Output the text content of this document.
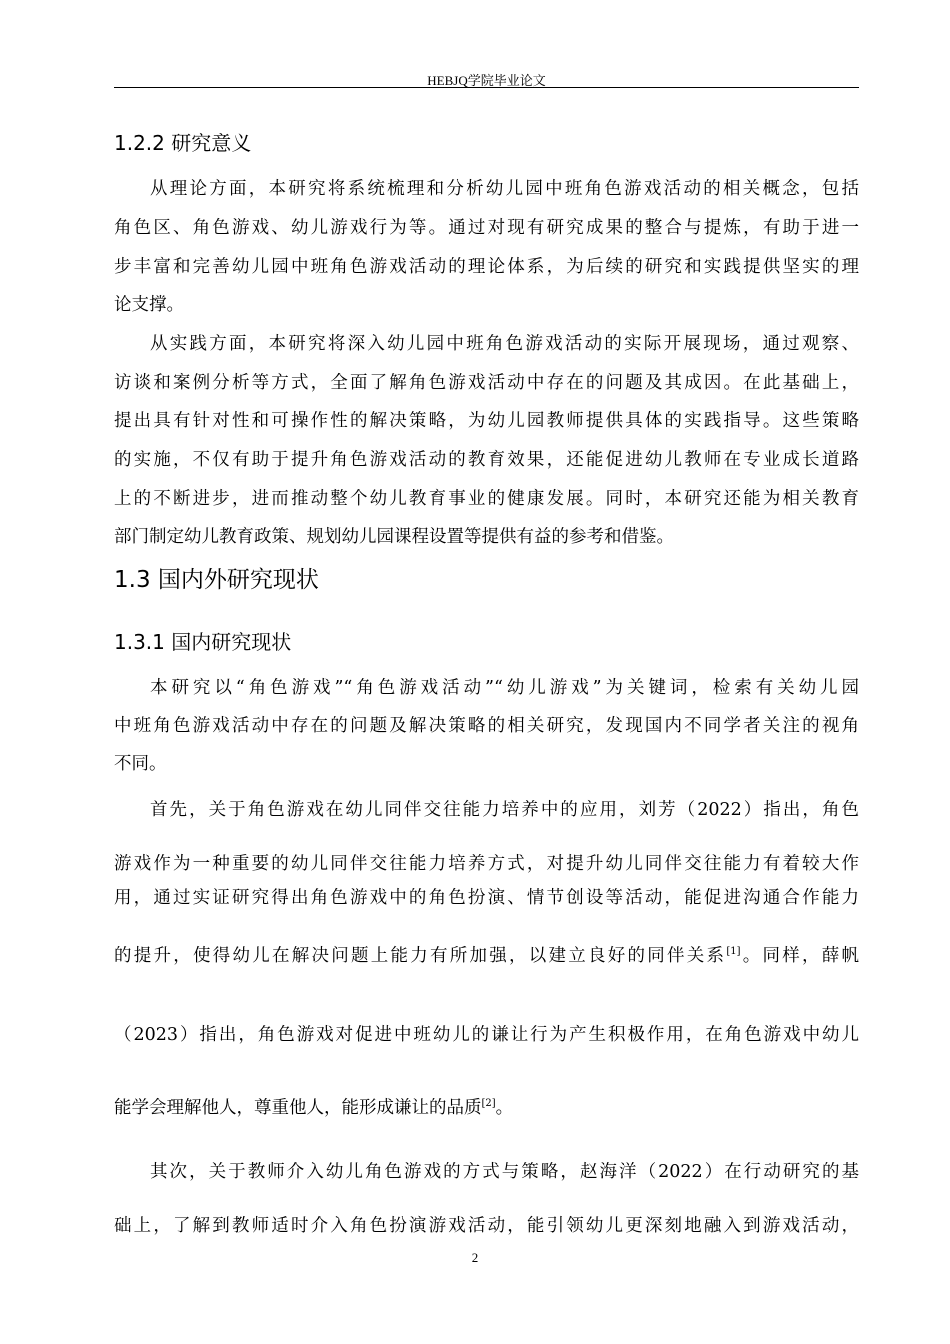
HEBJQ学院毕业论文
1.2.2 研究意义
从理论方面，本研究将系统梳理和分析幼儿园中班角色游戏活动的相关概念，包括
角色区、角色游戏、幼儿游戏行为等。通过对现有研究成果的整合与提炼，有助于进一
步丰富和完善幼儿园中班角色游戏活动的理论体系，为后续的研究和实践提供坚实的理
论支撑。
从实践方面，本研究将深入幼儿园中班角色游戏活动的实际开展现场，通过观察、
访谈和案例分析等方式，全面了解角色游戏活动中存在的问题及其成因。在此基础上，
提出具有针对性和可操作性的解决策略，为幼儿园教师提供具体的实践指导。这些策略
的实施，不仅有助于提升角色游戏活动的教育效果，还能促进幼儿教师在专业成长道路
上的不断进步，进而推动整个幼儿教育事业的健康发展。同时，本研究还能为相关教育
部门制定幼儿教育政策、规划幼儿园课程设置等提供有益的参考和借鉴。
1.3 国内外研究现状
1.3.1 国内研究现状
本研究以“角色游戏”“角色游戏活动”“幼儿游戏”为关键词，检索有关幼儿园
中班角色游戏活动中存在的问题及解决策略的相关研究，发现国内不同学者关注的视角
不同。
首先，关于角色游戏在幼儿同伴交往能力培养中的应用，刘芳（2022）指出，角色
游戏作为一种重要的幼儿同伴交往能力培养方式，对提升幼儿同伴交往能力有着较大作
用，通过实证研究得出角色游戏中的角色扮演、情节创设等活动，能促进沟通合作能力
的提升，使得幼儿在解决问题上能力有所加强，以建立良好的同伴关系[1]。同样，薛帆
（2023）指出，角色游戏对促进中班幼儿的谦让行为产生积极作用，在角色游戏中幼儿
能学会理解他人，尊重他人，能形成谦让的品质[2]。
其次，关于教师介入幼儿角色游戏的方式与策略，赵海洋（2022）在行动研究的基
础上，了解到教师适时介入角色扮演游戏活动，能引领幼儿更深刻地融入到游戏活动，
2
